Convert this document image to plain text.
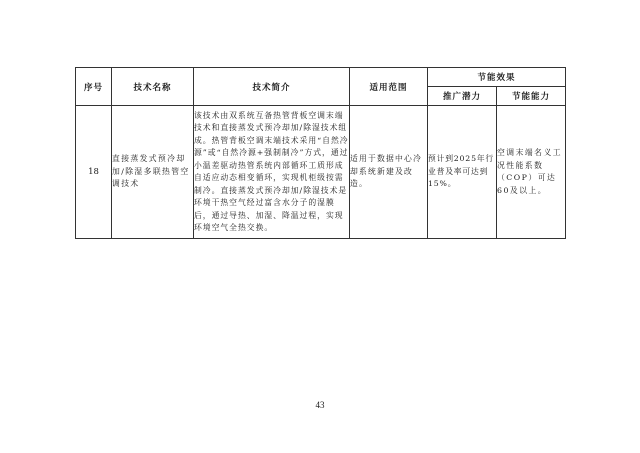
序号	技术名称	技术简介	适用范围	节能效果	
				推广潜力	节能能力
18	直接蒸发式预冷却加/除湿多联热管空调技术	该技术由双系统互备热管背板空调末端技术和直接蒸发式预冷却加/除湿技术组成。热管背板空调末端技术采用“自然冷源”或“自然冷源+强制制冷”方式，通过小温差驱动热管系统内部循环工质形成自适应动态相变循环，实现机柜级按需制冷。直接蒸发式预冷却加/除湿技术是环境干热空气经过富含水分子的湿膜后，通过导热、加湿、降温过程，实现环境空气全热交换。	适用于数据中心冷却系统新建及改造。	预计到2025年行业普及率可达到15%。	空调末端名义工况性能系数（COP）可达60及以上。
43
